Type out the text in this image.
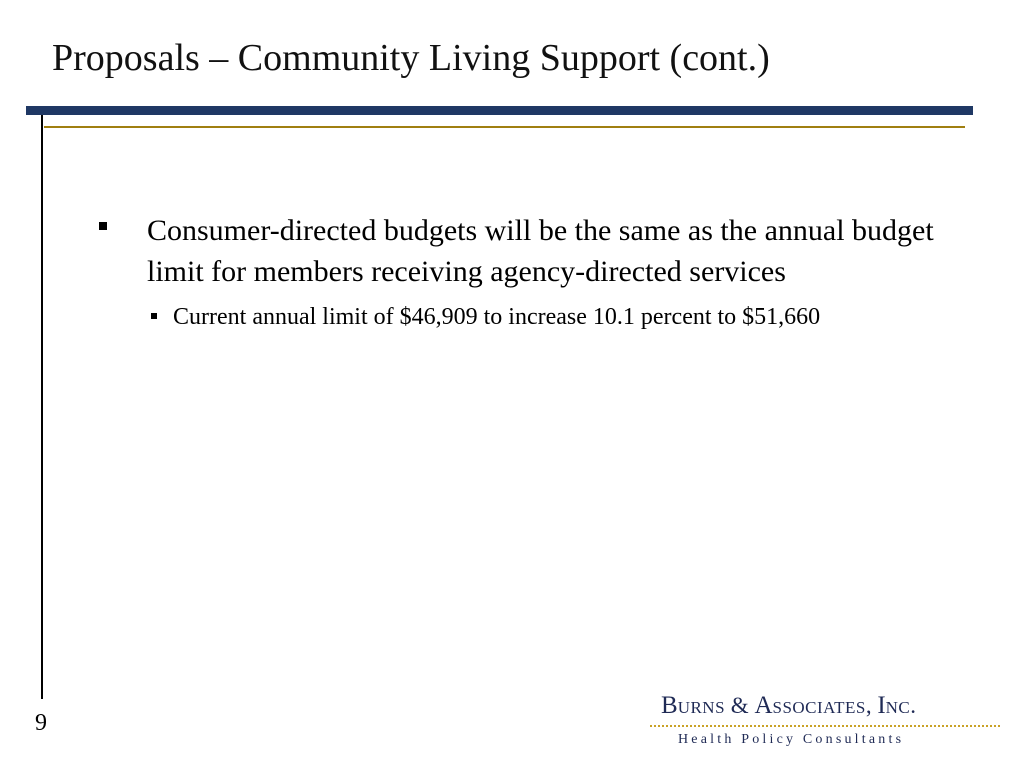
Proposals – Community Living Support (cont.)
Consumer-directed budgets will be the same as the annual budget limit for members receiving agency-directed services
Current annual limit of $46,909 to increase 10.1 percent to $51,660
9
BURNS & ASSOCIATES, INC.
Health Policy Consultants
